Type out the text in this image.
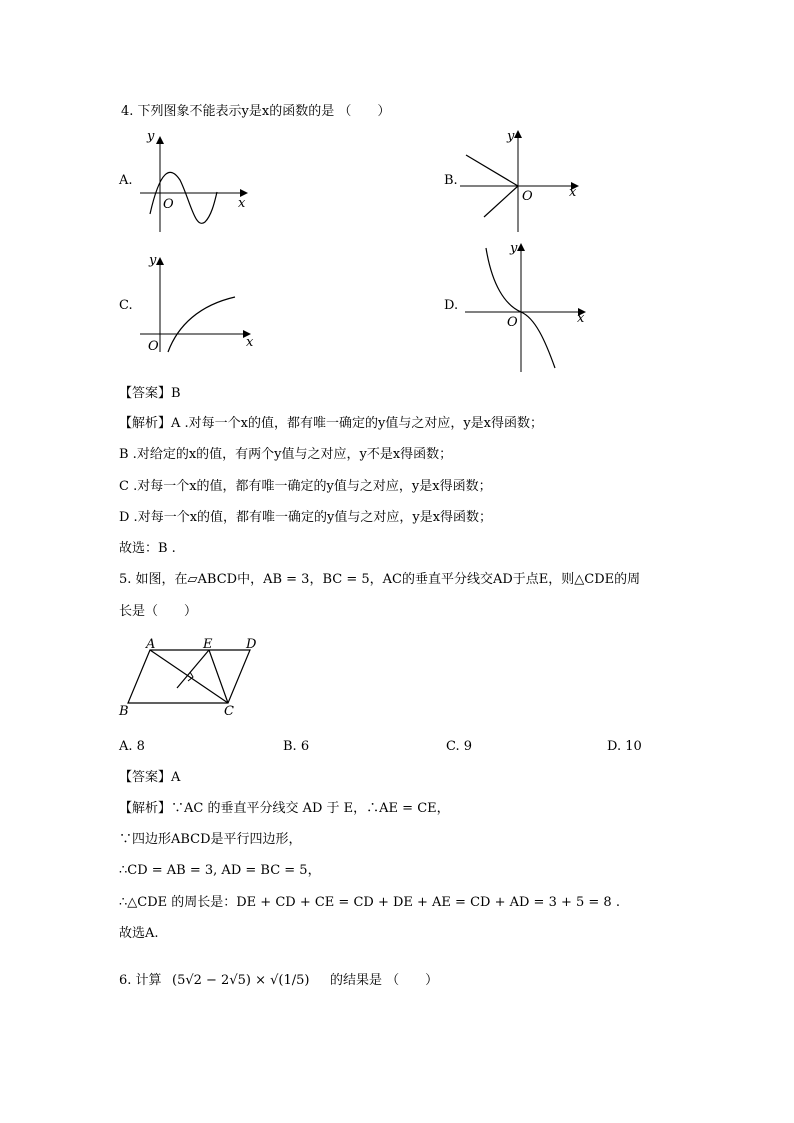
4. 下列图象不能表示y是x的函数的是 （　　）
A.
y
x
O
B.
y
x
O
C.
y
x
O
D.
y
x
O
【答案】B
【解析】A .对每一个x的值，都有唯一确定的y值与之对应，y是x得函数；
B .对给定的x的值，有两个y值与之对应，y不是x得函数；
C .对每一个x的值，都有唯一确定的y值与之对应，y是x得函数；
D .对每一个x的值，都有唯一确定的y值与之对应，y是x得函数；
故选：B .
5. 如图，在▱ABCD中，AB = 3，BC = 5，AC的垂直平分线交AD于点E，则△CDE的周
长是（　　）
A	E	D
B	C
A. 8	B. 6	C. 9	D. 10
【答案】A
【解析】∵AC 的垂直平分线交 AD 于 E，∴AE = CE，
∵四边形ABCD是平行四边形，
∴CD = AB = 3, AD = BC = 5，
∴△CDE 的周长是：DE + CD + CE = CD + DE + AE = CD + AD = 3 + 5 = 8 .
故选A.
6. 计算 (5√2 − 2√5) × √(1/5) 的结果是 （　　）
